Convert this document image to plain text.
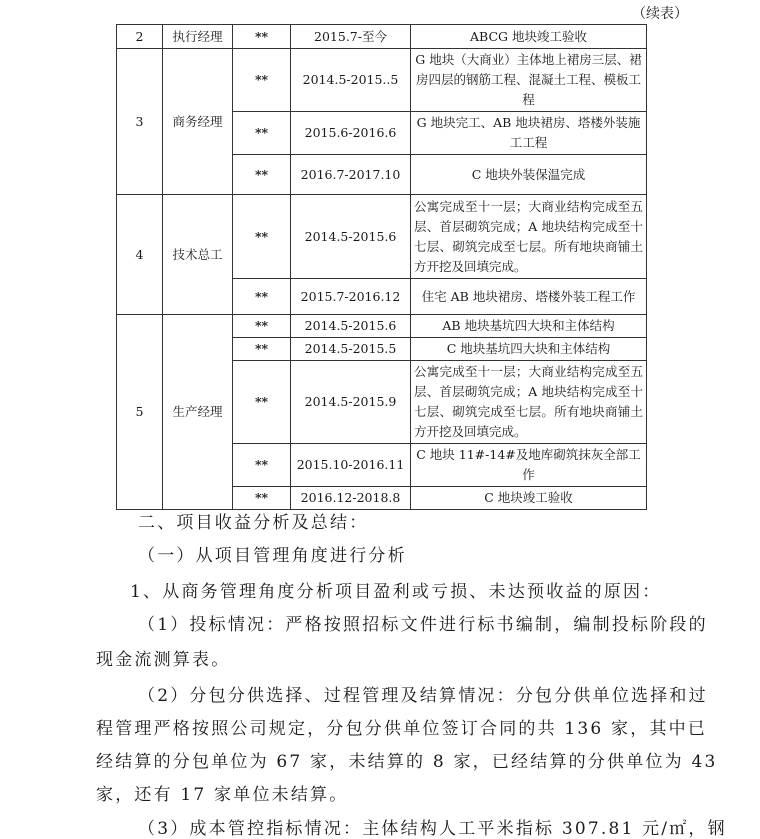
（续表）
2	执行经理	**	2015.7-至今	ABCG 地块竣工验收
3	商务经理	**	2014.5-2015..5	G 地块（大商业）主体地上裙房三层、裙房四层的钢筋工程、混凝土工程、模板工程
		**	2015.6-2016.6	G 地块完工、AB 地块裙房、塔楼外装施工工程
		**	2016.7-2017.10	C 地块外装保温完成
4	技术总工	**	2014.5-2015.6	公寓完成至十一层；大商业结构完成至五层、首层砌筑完成；A 地块结构完成至十七层、砌筑完成至七层。所有地块商铺土方开挖及回填完成。
		**	2015.7-2016.12	住宅 AB 地块裙房、塔楼外装工程工作
5	生产经理	**	2014.5-2015.6	AB 地块基坑四大块和主体结构
		**	2014.5-2015.5	C 地块基坑四大块和主体结构
		**	2014.5-2015.9	公寓完成至十一层；大商业结构完成至五层、首层砌筑完成；A 地块结构完成至十七层、砌筑完成至七层。所有地块商铺土方开挖及回填完成。
		**	2015.10-2016.11	C 地块 11#-14#及地库砌筑抹灰全部工作
		**	2016.12-2018.8	C 地块竣工验收
二、项目收益分析及总结：
（一）从项目管理角度进行分析
1、从商务管理角度分析项目盈利或亏损、未达预收益的原因：
（1）投标情况：严格按照招标文件进行标书编制，编制投标阶段的
现金流测算表。
（2）分包分供选择、过程管理及结算情况：分包分供单位选择和过
程管理严格按照公司规定，分包分供单位签订合同的共 136 家，其中已
经结算的分包单位为 67 家，未结算的 8 家，已经结算的分供单位为 43
家，还有 17 家单位未结算。
（3）成本管控指标情况：主体结构人工平米指标 307.81 元/㎡，钢
